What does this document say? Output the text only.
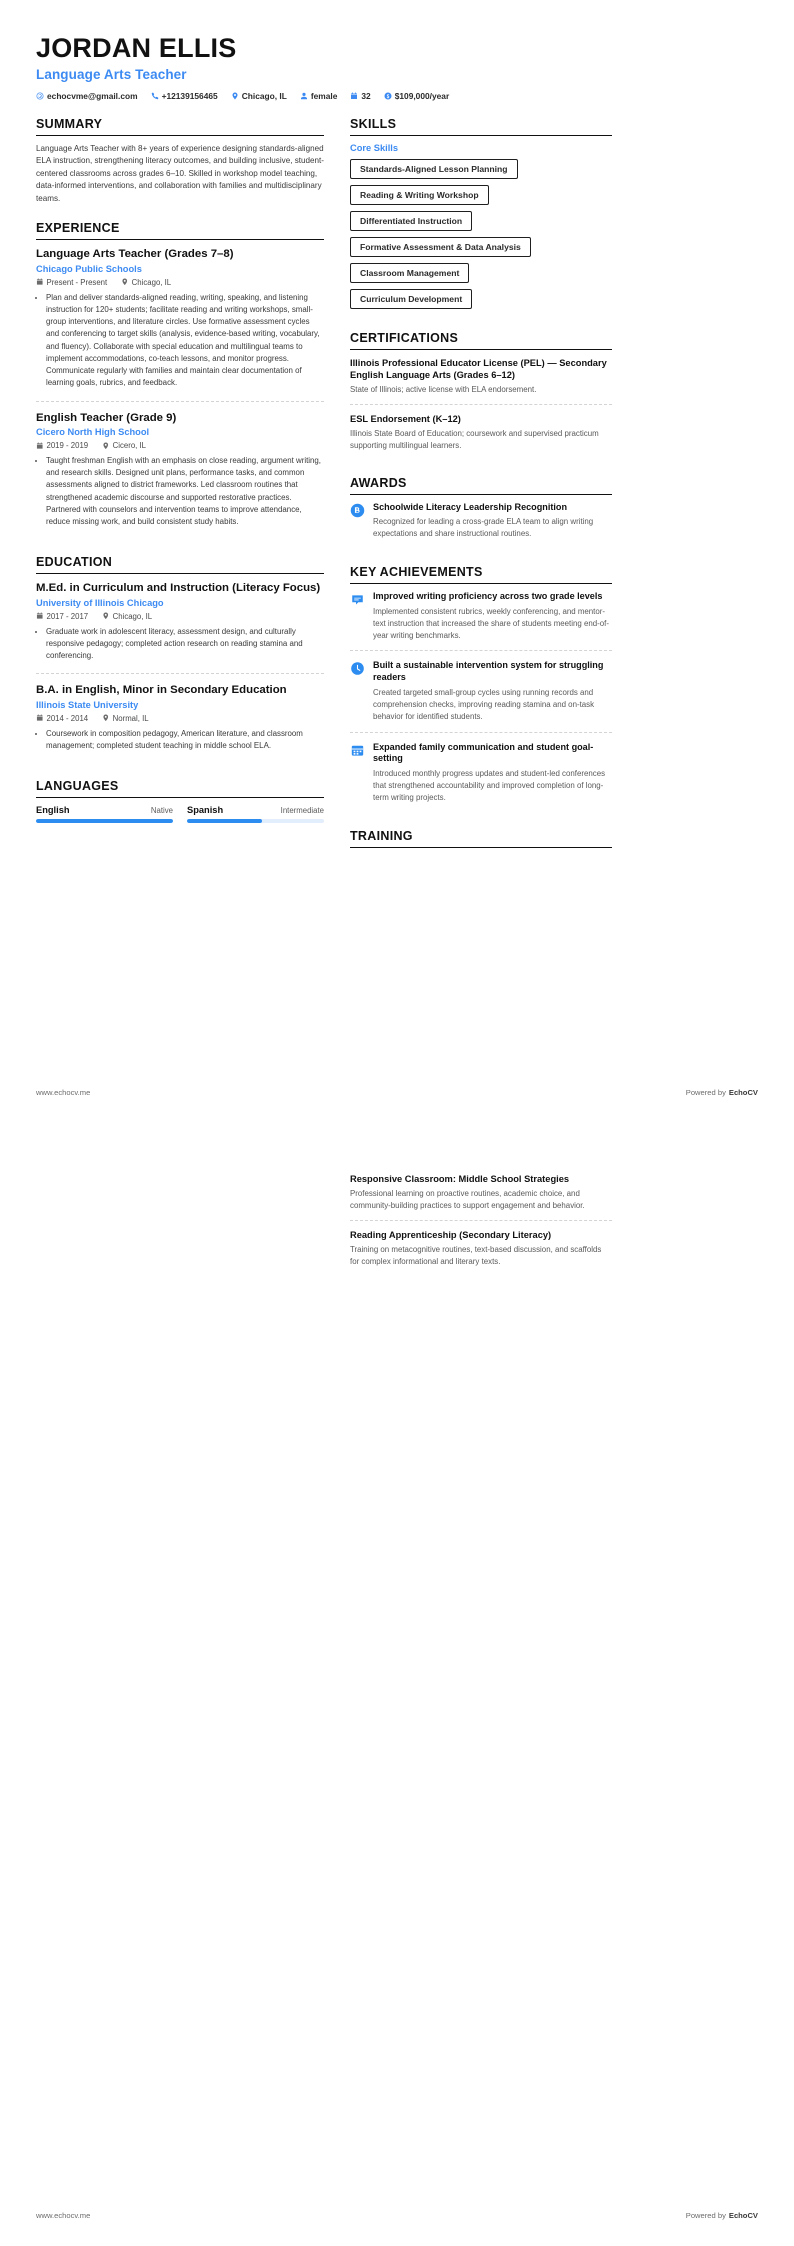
JORDAN ELLIS
Language Arts Teacher
echocvme@gmail.com	+12139156465	Chicago, IL	female	32	$109,000/year
SUMMARY
Language Arts Teacher with 8+ years of experience designing standards-aligned ELA instruction, strengthening literacy outcomes, and building inclusive, student-centered classrooms across grades 6–10. Skilled in workshop model teaching, data-informed interventions, and collaboration with families and multidisciplinary teams.
EXPERIENCE
Language Arts Teacher (Grades 7–8)
Chicago Public Schools
Present - Present	Chicago, IL
• Plan and deliver standards-aligned reading, writing, speaking, and listening instruction for 120+ students; facilitate reading and writing workshops, small-group interventions, and literature circles. Use formative assessment cycles and conferencing to target skills (analysis, evidence-based writing, vocabulary, and fluency). Collaborate with special education and multilingual teams to implement accommodations, co-teach lessons, and monitor progress. Communicate regularly with families and maintain clear documentation of learning goals, rubrics, and feedback.
English Teacher (Grade 9)
Cicero North High School
2019 - 2019	Cicero, IL
• Taught freshman English with an emphasis on close reading, argument writing, and research skills. Designed unit plans, performance tasks, and common assessments aligned to district frameworks. Led classroom routines that strengthened academic discourse and supported restorative practices. Partnered with counselors and intervention teams to improve attendance, reduce missing work, and build consistent study habits.
EDUCATION
M.Ed. in Curriculum and Instruction (Literacy Focus)
University of Illinois Chicago
2017 - 2017	Chicago, IL
• Graduate work in adolescent literacy, assessment design, and culturally responsive pedagogy; completed action research on reading stamina and conferencing.
B.A. in English, Minor in Secondary Education
Illinois State University
2014 - 2014	Normal, IL
• Coursework in composition pedagogy, American literature, and classroom management; completed student teaching in middle school ELA.
LANGUAGES
English	Native Spanish	Intermediate
SKILLS
Core Skills
Standards-Aligned Lesson Planning
Reading & Writing Workshop
Differentiated Instruction
Formative Assessment & Data Analysis
Classroom Management
Curriculum Development
CERTIFICATIONS
Illinois Professional Educator License (PEL) — Secondary English Language Arts (Grades 6–12)
State of Illinois; active license with ELA endorsement.
ESL Endorsement (K–12)
Illinois State Board of Education; coursework and supervised practicum supporting multilingual learners.
AWARDS
Schoolwide Literacy Leadership Recognition
Recognized for leading a cross-grade ELA team to align writing expectations and share instructional routines.
KEY ACHIEVEMENTS
Improved writing proficiency across two grade levels
Implemented consistent rubrics, weekly conferencing, and mentor-text instruction that increased the share of students meeting end-of-year writing benchmarks.
Built a sustainable intervention system for struggling readers
Created targeted small-group cycles using running records and comprehension checks, improving reading stamina and on-task behavior for identified students.
Expanded family communication and student goal-setting
Introduced monthly progress updates and student-led conferences that strengthened accountability and improved completion of long-term writing projects.
TRAINING
www.echocv.me	Powered by EchoCV
Responsive Classroom: Middle School Strategies
Professional learning on proactive routines, academic choice, and community-building practices to support engagement and behavior.
Reading Apprenticeship (Secondary Literacy)
Training on metacognitive routines, text-based discussion, and scaffolds for complex informational and literary texts.
www.echocv.me	Powered by EchoCV
